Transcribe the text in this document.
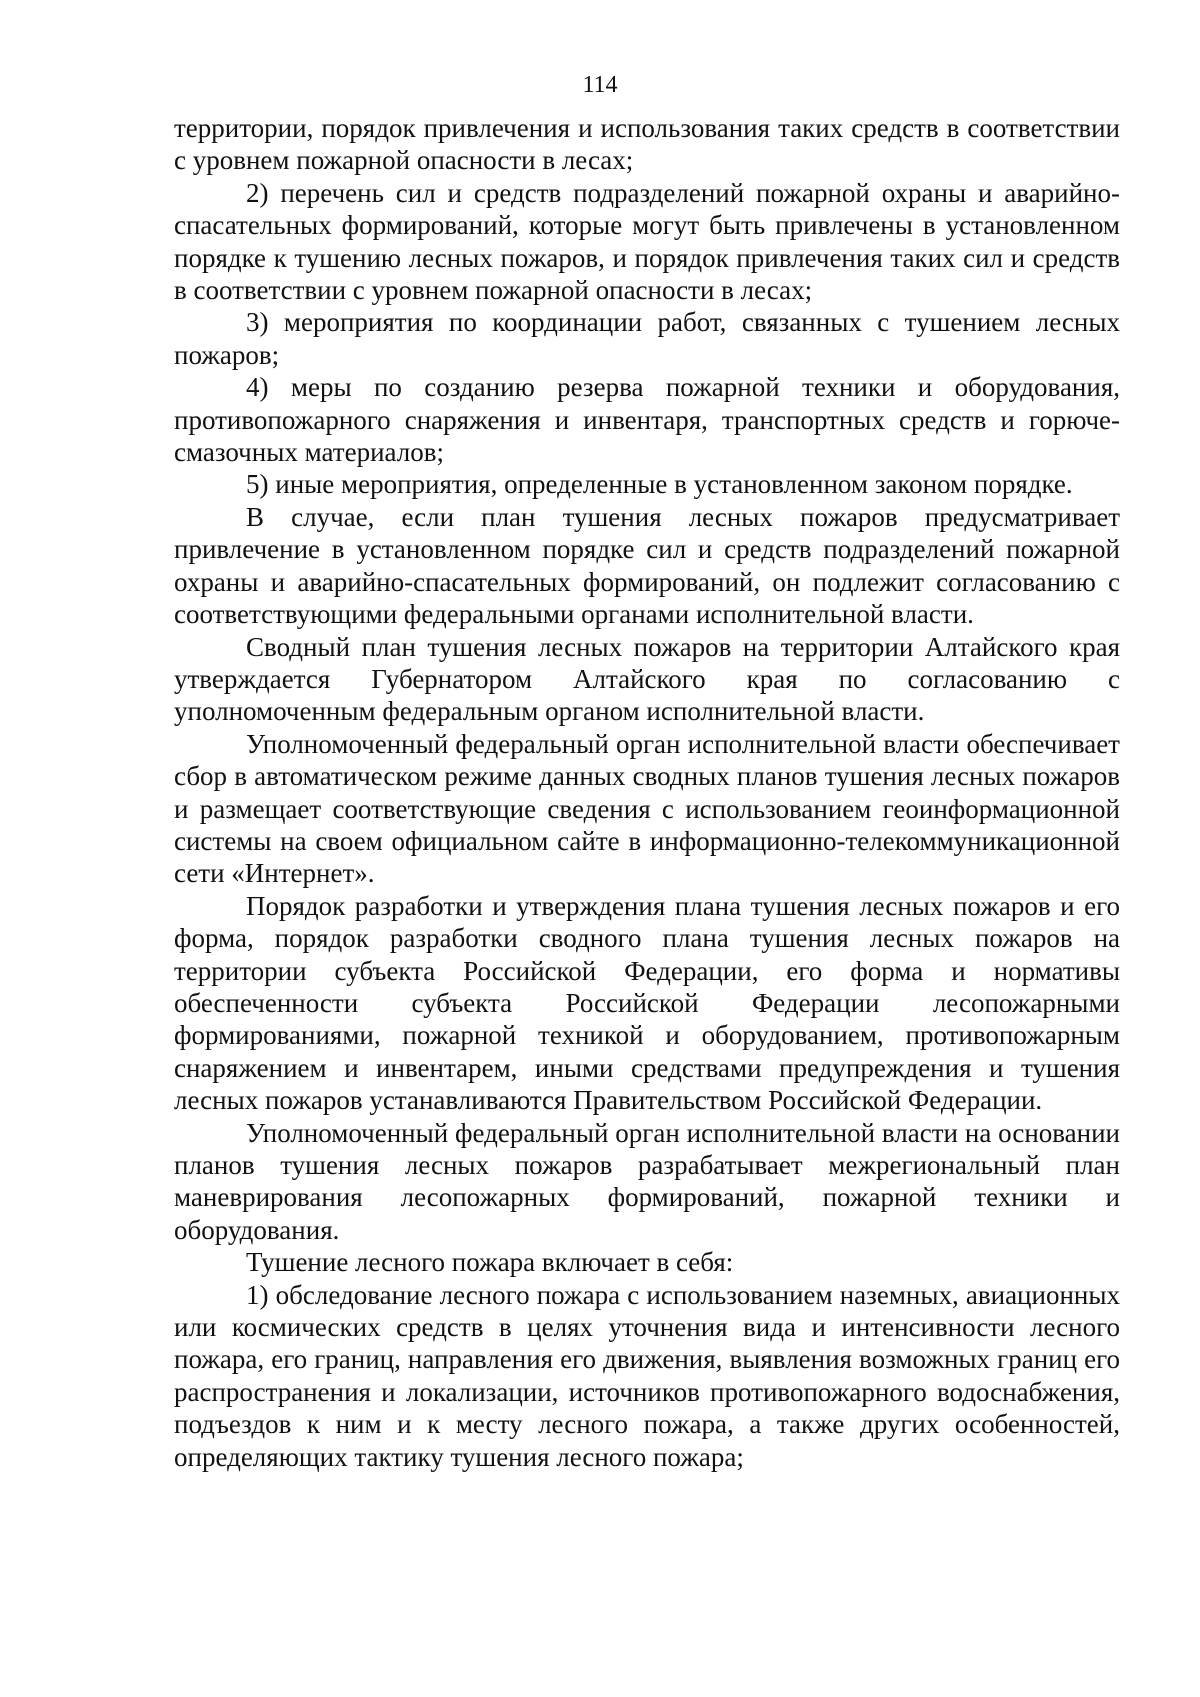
114

территории, порядок привлечения и использования таких средств в соответствии с уровнем пожарной опасности в лесах;

2) перечень сил и средств подразделений пожарной охраны и аварийно-спасательных формирований, которые могут быть привлечены в установленном порядке к тушению лесных пожаров, и порядок привлечения таких сил и средств в соответствии с уровнем пожарной опасности в лесах;

3) мероприятия по координации работ, связанных с тушением лесных пожаров;

4) меры по созданию резерва пожарной техники и оборудования, противопожарного снаряжения и инвентаря, транспортных средств и горюче-смазочных материалов;

5) иные мероприятия, определенные в установленном законом порядке.

В случае, если план тушения лесных пожаров предусматривает привлечение в установленном порядке сил и средств подразделений пожарной охраны и аварийно-спасательных формирований, он подлежит согласованию с соответствующими федеральными органами исполнительной власти.

Сводный план тушения лесных пожаров на территории Алтайского края утверждается Губернатором Алтайского края по согласованию с уполномоченным федеральным органом исполнительной власти.

Уполномоченный федеральный орган исполнительной власти обеспечивает сбор в автоматическом режиме данных сводных планов тушения лесных пожаров и размещает соответствующие сведения с использованием геоинформационной системы на своем официальном сайте в информационно-телекоммуникационной сети «Интернет».

Порядок разработки и утверждения плана тушения лесных пожаров и его форма, порядок разработки сводного плана тушения лесных пожаров на территории субъекта Российской Федерации, его форма и нормативы обеспеченности субъекта Российской Федерации лесопожарными формированиями, пожарной техникой и оборудованием, противопожарным снаряжением и инвентарем, иными средствами предупреждения и тушения лесных пожаров устанавливаются Правительством Российской Федерации.

Уполномоченный федеральный орган исполнительной власти на основании планов тушения лесных пожаров разрабатывает межрегиональный план маневрирования лесопожарных формирований, пожарной техники и оборудования.

Тушение лесного пожара включает в себя:

1) обследование лесного пожара с использованием наземных, авиационных или космических средств в целях уточнения вида и интенсивности лесного пожара, его границ, направления его движения, выявления возможных границ его распространения и локализации, источников противопожарного водоснабжения, подъездов к ним и к месту лесного пожара, а также других особенностей, определяющих тактику тушения лесного пожара;
